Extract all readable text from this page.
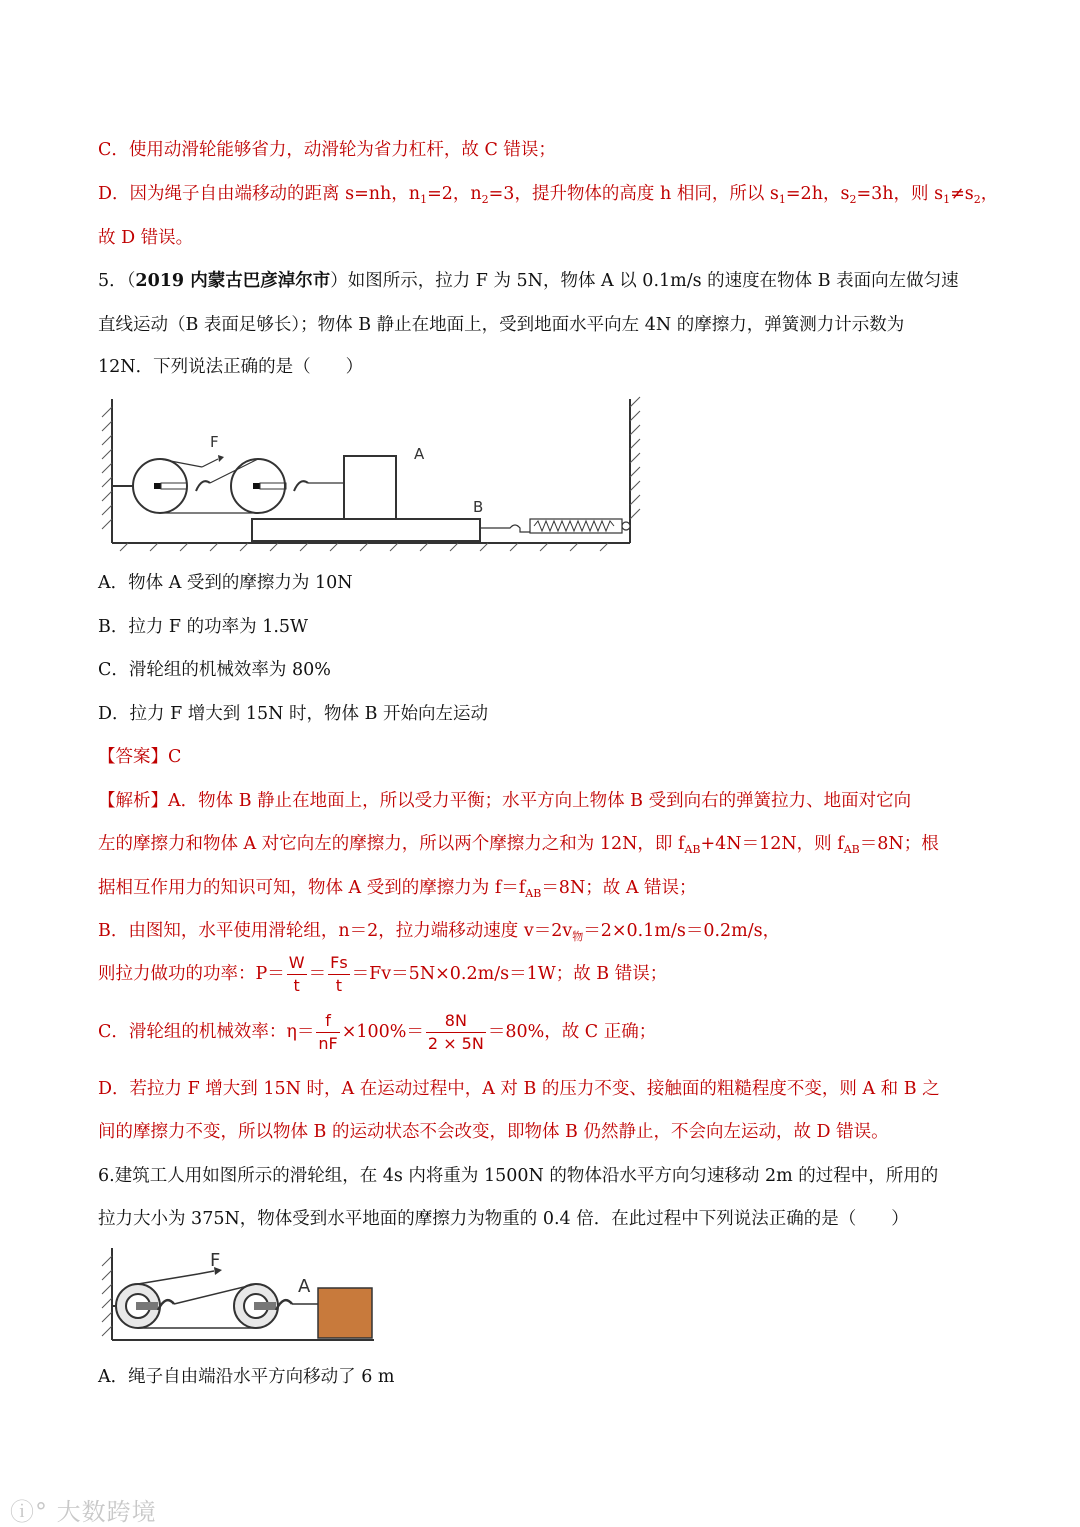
C．使用动滑轮能够省力，动滑轮为省力杠杆，故 C 错误；
D．因为绳子自由端移动的距离 s=nh，$n_1=2$，$n_2=3$，提升物体的高度 h 相同，所以 $s_1=2h$，$s_2=3h$，则 $s_1\ne s_2$，
故 D 错误。
5．（2019 内蒙古巴彦淖尔市）如图所示，拉力 F 为 5N，物体 A 以 0.1m/s 的速度在物体 B 表面向左做匀速
直线运动（B 表面足够长）；物体 B 静止在地面上，受到地面水平向左 4N 的摩擦力，弹簧测力计示数为
12N．下列说法正确的是（　　）
F
A
B
A．物体 A 受到的摩擦力为 10N
B．拉力 F 的功率为 1.5W
C．滑轮组的机械效率为 80%
D．拉力 F 增大到 15N 时，物体 B 开始向左运动
【答案】C
【解析】A．物体 B 静止在地面上，所以受力平衡；水平方向上物体 B 受到向右的弹簧拉力、地面对它向
左的摩擦力和物体 A 对它向左的摩擦力，所以两个摩擦力之和为 12N，即 $f_{AB}+4N=12N$，则 $f_{AB}=8N$；根
据相互作用力的知识可知，物体 A 受到的摩擦力为 $f=f_{AB}=8N$；故 A 错误；
B．由图知，水平使用滑轮组，n＝2，拉力端移动速度 $v=2v_物=2\times 0.1m/s=0.2m/s$，
则拉力做功的功率：$P= \frac{W}{t} = \frac{Fs}{t} =Fv=5N\times 0.2m/s=1W$；故 B 错误；
C．滑轮组的机械效率：$\eta= \frac{f}{nF} \times 100\%= \frac{8N}{2 \times 5N} =80\%$，故 C 正确；
D．若拉力 F 增大到 15N 时，A 在运动过程中，A 对 B 的压力不变、接触面的粗糙程度不变，则 A 和 B 之
间的摩擦力不变，所以物体 B 的运动状态不会改变，即物体 B 仍然静止，不会向左运动，故 D 错误。
6.建筑工人用如图所示的滑轮组，在 4s 内将重为 1500N 的物体沿水平方向匀速移动 2m 的过程中，所用的
拉力大小为 375N，物体受到水平地面的摩擦力为物重的 0.4 倍．在此过程中下列说法正确的是（　　）
F
A
A．绳子自由端沿水平方向移动了 6 m
ⓘ° 大数跨境
